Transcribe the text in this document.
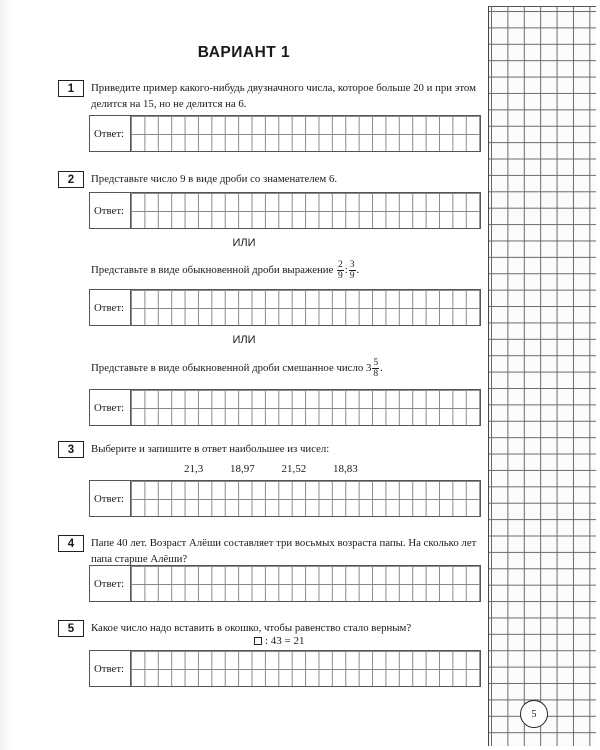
ВАРИАНТ 1
1	Приведите пример какого-нибудь двузначного числа, которое больше 20 и при этом делится на 15, но не делится на 6.
Ответ:
2	Представьте число 9 в виде дроби со знаменателем 6.
Ответ:
ИЛИ
Представьте в виде обыкновенной дроби выражение $\frac{2}{9}$ : $\frac{3}{9}$ .
Ответ:
ИЛИ
Представьте в виде обыкновенной дроби смешанное число $3 \frac{5}{8}$ .
Ответ:
3	Выберите и запишите в ответ наибольшее из чисел:
21,3 18,97 21,52 18,83
Ответ:
4	Папе 40 лет. Возраст Алёши составляет три восьмых возраста папы. На сколько лет папа старше Алёши?
Ответ:
5	Какое число надо вставить в окошко, чтобы равенство стало верным?
: 43 = 21
Ответ:
5
